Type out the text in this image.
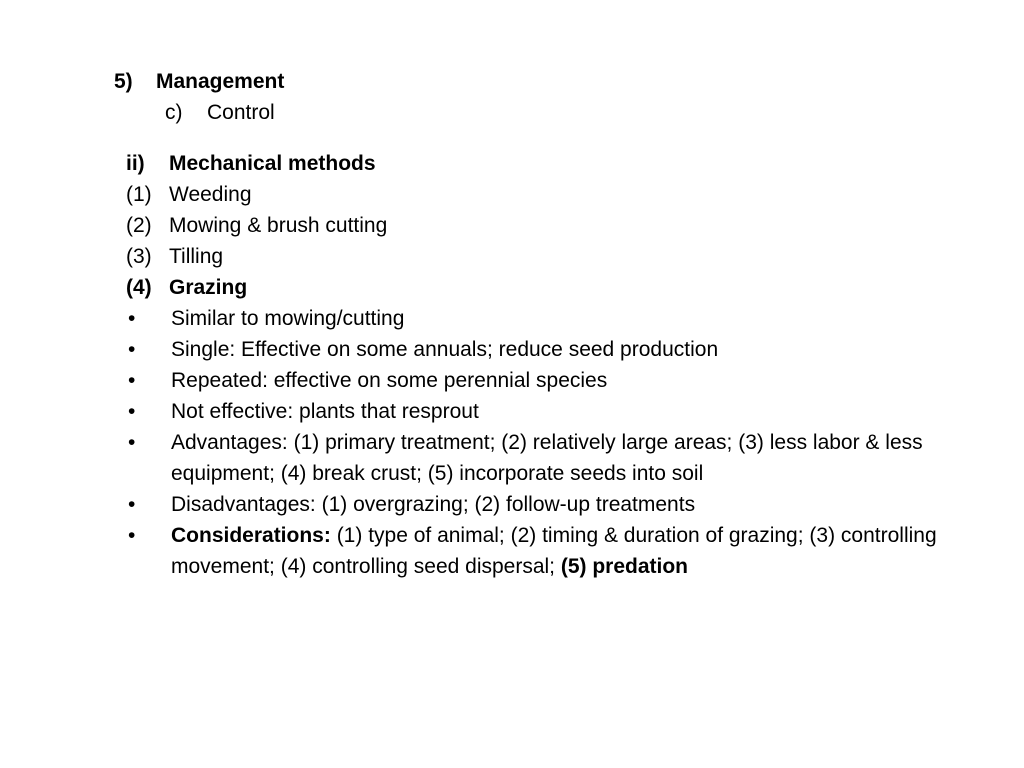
5)	Management
c)	Control
ii)	Mechanical methods
(1) Weeding
(2) Mowing & brush cutting
(3) Tilling
(4) Grazing
•	Similar to mowing/cutting
•	Single: Effective on some annuals; reduce seed production
•	Repeated: effective on some perennial species
•	Not effective: plants that resprout
•	Advantages: (1) primary treatment; (2) relatively large areas; (3) less labor & less equipment; (4) break crust; (5) incorporate seeds into soil
•	Disadvantages: (1) overgrazing; (2) follow-up treatments
•	Considerations: (1) type of animal; (2) timing & duration of grazing; (3) controlling movement; (4) controlling seed dispersal; (5) predation
